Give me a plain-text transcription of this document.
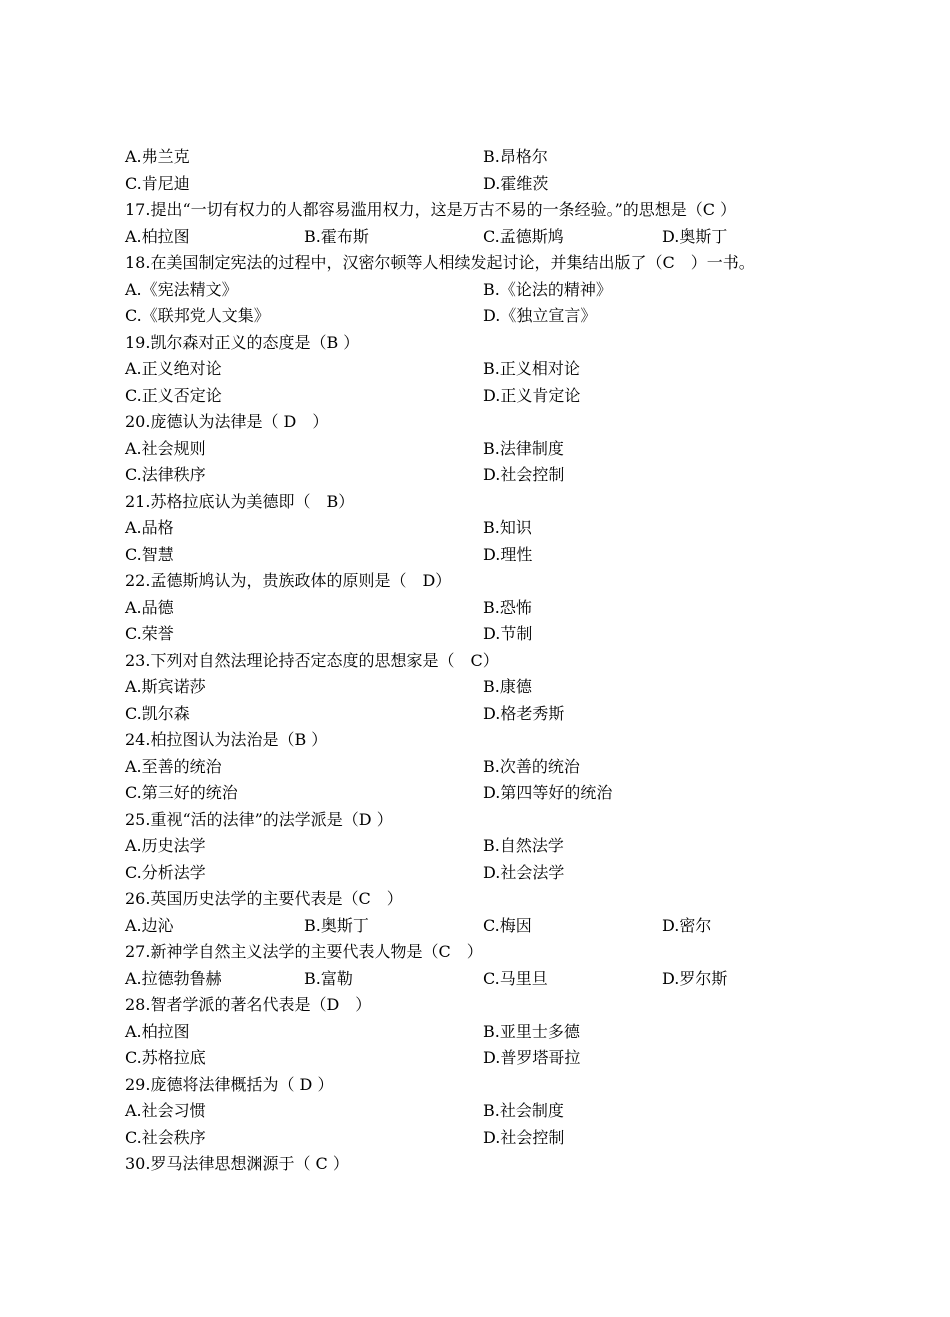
A.弗兰克	B.昂格尔
C.肯尼迪	D.霍维茨
17.提出“一切有权力的人都容易滥用权力，这是万古不易的一条经验。”的思想是（C ）
A.柏拉图	B.霍布斯	C.孟德斯鸠	D.奥斯丁
18.在美国制定宪法的过程中，汉密尔顿等人相续发起讨论，并集结出版了（C　）一书。
A.《宪法精文》	B.《论法的精神》
C.《联邦党人文集》	D.《独立宣言》
19.凯尔森对正义的态度是（B ）
A.正义绝对论	B.正义相对论
C.正义否定论	D.正义肯定论
20.庞德认为法律是（ D　）
A.社会规则	B.法律制度
C.法律秩序	D.社会控制
21.苏格拉底认为美德即（　B）
A.品格	B.知识
C.智慧	D.理性
22.孟德斯鸠认为，贵族政体的原则是（　D）
A.品德	B.恐怖
C.荣誉	D.节制
23.下列对自然法理论持否定态度的思想家是（　C）
A.斯宾诺莎	B.康德
C.凯尔森	D.格老秀斯
24.柏拉图认为法治是（B ）
A.至善的统治	B.次善的统治
C.第三好的统治	D.第四等好的统治
25.重视“活的法律”的法学派是（D ）
A.历史法学	B.自然法学
C.分析法学	D.社会法学
26.英国历史法学的主要代表是（C　）
A.边沁	B.奥斯丁	C.梅因	D.密尔
27.新神学自然主义法学的主要代表人物是（C　）
A.拉德勃鲁赫	B.富勒	C.马里旦	D.罗尔斯
28.智者学派的著名代表是（D　）
A.柏拉图	B.亚里士多德
C.苏格拉底	D.普罗塔哥拉
29.庞德将法律概括为（ D ）
A.社会习惯	B.社会制度
C.社会秩序	D.社会控制
30.罗马法律思想渊源于（ C ）
